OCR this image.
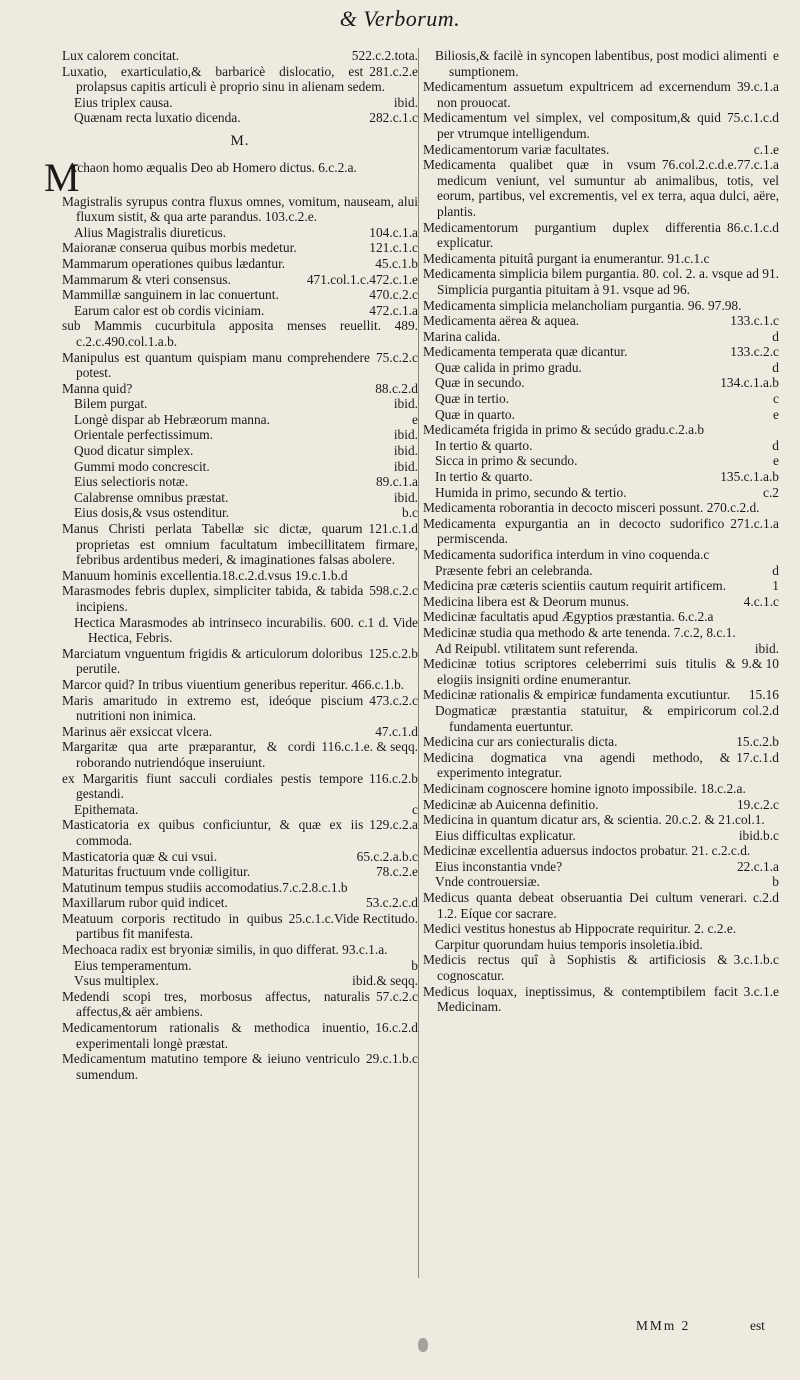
& Verborum.
522.c.2.tota.
Lux calorem concitat.
281.c.2.e
Luxatio, exarticulatio,& barbaricè dislocatio, est prolapsus capitis articuli è proprio sinu in alienam sedem.
ibid.
Eius triplex causa.
282.c.1.c
Quænam recta luxatio dicenda.
M.
M
Achaon homo æqualis Deo ab Homero dictus. 6.c.2.a.
Magistralis syrupus contra fluxus omnes, vomitum, nauseam, alui fluxum sistit, & qua arte parandus. 103.c.2.e.
104.c.1.a
Alius Magistralis diureticus.
121.c.1.c
Maioranæ conserua quibus morbis medetur.
45.c.1.b
Mammarum operationes quibus lædantur.
471.col.1.c.472.c.1.e
Mammarum & vteri consensus.
470.c.2.c
Mammillæ sanguinem in lac conuertunt.
472.c.1.a
Earum calor est ob cordis viciniam.
sub Mammis cucurbitula apposita menses reuellit. 489. c.2.c.490.col.1.a.b.
75.c.2.c
Manipulus est quantum quispiam manu comprehendere potest.
88.c.2.d
Manna quid?
ibid.
Bilem purgat.
e
Longè dispar ab Hebræorum manna.
ibid.
Orientale perfectissimum.
ibid.
Quod dicatur simplex.
ibid.
Gummi modo concrescit.
89.c.1.a
Eius selectioris notæ.
ibid.
Calabrense omnibus præstat.
b.c
Eius dosis,& vsus ostenditur.
121.c.1.d
Manus Christi perlata Tabellæ sic dictæ, quarum proprietas est omnium facultatum imbecillitatem firmare, febribus ardentibus mederi, & imaginationes falsas abolere.
Manuum hominis excellentia.18.c.2.d.vsus 19.c.1.b.d
598.c.2.c
Marasmodes febris duplex, simpliciter tabida, & tabida incipiens.
Hectica Marasmodes ab intrinseco incurabilis. 600. c.1 d. Vide Hectica, Febris.
125.c.2.b
Marciatum vnguentum frigidis & articulorum doloribus perutile.
Marcor quid? In tribus viuentium generibus reperitur. 466.c.1.b.
473.c.2.c
Maris amaritudo in extremo est, ideóque piscium nutritioni non inimica.
47.c.1.d
Marinus aër exsiccat vlcera.
116.c.1.e. & seqq.
Margaritæ qua arte præparantur, & cordi roborando nutriendóque inseruiunt.
116.c.2.b
ex Margaritis fiunt sacculi cordiales pestis tempore gestandi.
c
Epithemata.
129.c.2.a
Masticatoria ex quibus conficiuntur, & quæ ex iis commoda.
65.c.2.a.b.c
Masticatoria quæ & cui vsui.
78.c.2.e
Maturitas fructuum vnde colligitur.
Matutinum tempus studiis accomodatius.7.c.2.8.c.1.b
53.c.2.c.d
Maxillarum rubor quid indicet.
25.c.1.c.Vide Rectitudo.
Meatuum corporis rectitudo in quibus partibus fit manifesta.
Mechoaca radix est bryoniæ similis, in quo differat. 93.c.1.a.
b
Eius temperamentum.
ibid.& seqq.
Vsus multiplex.
57.c.2.c
Medendi scopi tres, morbosus affectus, naturalis affectus,& aër ambiens.
16.c.2.d
Medicamentorum rationalis & methodica inuentio, experimentali longè præstat.
29.c.1.b.c
Medicamentum matutino tempore & ieiuno ventriculo sumendum.
e
Biliosis,& facilè in syncopen labentibus, post modici alimenti sumptionem.
39.c.1.a
Medicamentum assuetum expultricem ad excernendum non prouocat.
75.c.1.c.d
Medicamentum vel simplex, vel compositum,& quid per vtrumque intelligendum.
c.1.e
Medicamentorum variæ facultates.
76.col.2.c.d.e.77.c.1.a
Medicamenta qualibet quæ in vsum medicum veniunt, vel sumuntur ab animalibus, totis, vel eorum, partibus, vel excrementis, vel ex terra, aqua dulci, aëre, plantis.
86.c.1.c.d
Medicamentorum purgantium duplex differentia explicatur.
Medicamenta pituitâ purgant ia enumerantur. 91.c.1.c
Medicamenta simplicia bilem purgantia. 80. col. 2. a. vsque ad 91. Simplicia purgantia pituitam à 91. vsque ad 96.
Medicamenta simplicia melancholiam purgantia. 96. 97.98.
133.c.1.c
Medicamenta aërea & aquea.
d
Marina calida.
133.c.2.c
Medicamenta temperata quæ dicantur.
d
Quæ calida in primo gradu.
134.c.1.a.b
Quæ in secundo.
c
Quæ in tertio.
e
Quæ in quarto.
Medicaméta frigida in primo & secúdo gradu.c.2.a.b
d
In tertio & quarto.
e
Sicca in primo & secundo.
135.c.1.a.b
In tertio & quarto.
c.2
Humida in primo, secundo & tertio.
Medicamenta roborantia in decocto misceri possunt. 270.c.2.d.
271.c.1.a
Medicamenta expurgantia an in decocto sudorifico permiscenda.
Medicamenta sudorifica interdum in vino coquenda.c
d
Præsente febri an celebranda.
1
Medicina præ cæteris scientiis cautum requirit artificem.
4.c.1.c
Medicina libera est & Deorum munus.
Medicinæ facultatis apud Ægyptios præstantia. 6.c.2.a
Medicinæ studia qua methodo & arte tenenda. 7.c.2, 8.c.1.
ibid.
Ad Reipubl. vtilitatem sunt referenda.
9.& 10
Medicinæ totius scriptores celeberrimi suis titulis & elogiis insigniti ordine enumerantur.
15.16
Medicinæ rationalis & empiricæ fundamenta excutiuntur.
col.2.d
Dogmaticæ præstantia statuitur, & empiricorum fundamenta euertuntur.
15.c.2.b
Medicina cur ars coniecturalis dicta.
17.c.1.d
Medicina dogmatica vna agendi methodo, & experimento integratur.
Medicinam cognoscere homine ignoto impossibile. 18.c.2.a.
19.c.2.c
Medicinæ ab Auicenna definitio.
Medicina in quantum dicatur ars, & scientia. 20.c.2. & 21.col.1.
ibid.b.c
Eius difficultas explicatur.
Medicinæ excellentia aduersus indoctos probatur. 21. c.2.c.d.
22.c.1.a
Eius inconstantia vnde?
b
Vnde controuersiæ.
c.2.d
Medicus quanta debeat obseruantia Dei cultum venerari. 1.2. Eíque cor sacrare.
Medici vestitus honestus ab Hippocrate requiritur. 2. c.2.e.
Carpitur quorundam huius temporis insoletia.ibid.
3.c.1.b.c
Medicis rectus quî à Sophistis & artificiosis & cognoscatur.
3.c.1.e
Medicus loquax, ineptissimus, & contemptibilem facit Medicinam.
MMm 2	est
